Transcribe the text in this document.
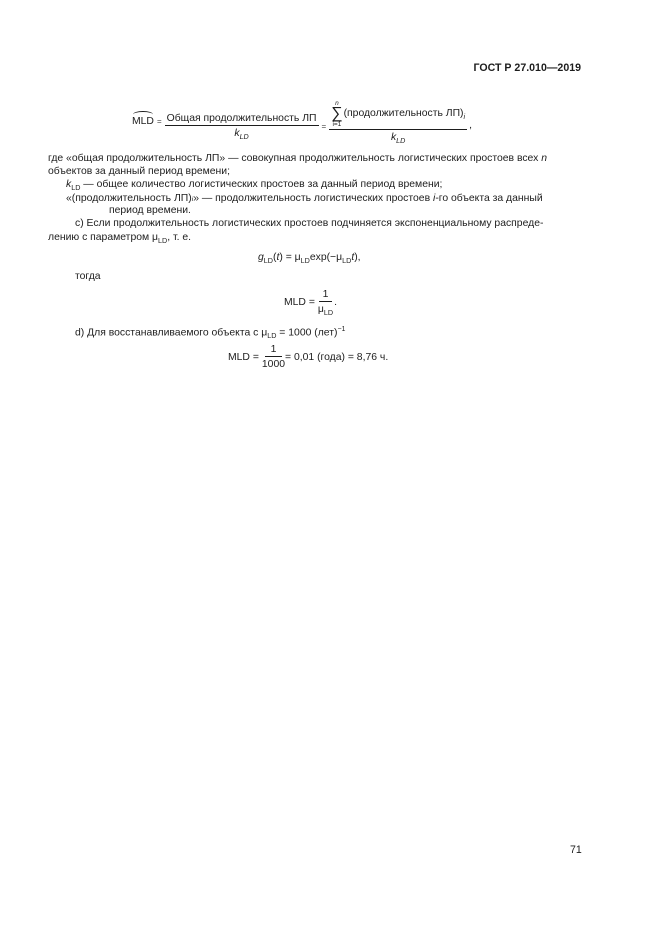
ГОСТ Р 27.010—2019
MLD = $\frac{\text{Общая продолжительность ЛП}}{k_{LD}} = n$
∑
i=1
(продолжительность ЛП) i
$k_{LD}$ ,
где «общая продолжительность ЛП» — совокупная продолжительность логистических простоев всех n
объектов за данный период времени;
$k_{LD}$ — общее количество логистических простоев за данный период времени;
«(продолжительность ЛП)i» — продолжительность логистических простоев i-го объекта за данный
период времени.
c) Если продолжительность логистических простоев подчиняется экспоненциальному распреде-
лению с параметром $\mu_{LD}$, т. е.
$g_{LD}(t) = \mu_{LD}\exp(-\mu_{LD}t)$,
тогда
MLD = $\frac{1}{\mu_{LD}}$ .
d) Для восстанавливаемого объекта с $\mu_{LD} = 1000$ (лет)$^{-1}$
MLD = $\frac{1}{1000} = 0,01$ (года) = 8,76 ч.
71
